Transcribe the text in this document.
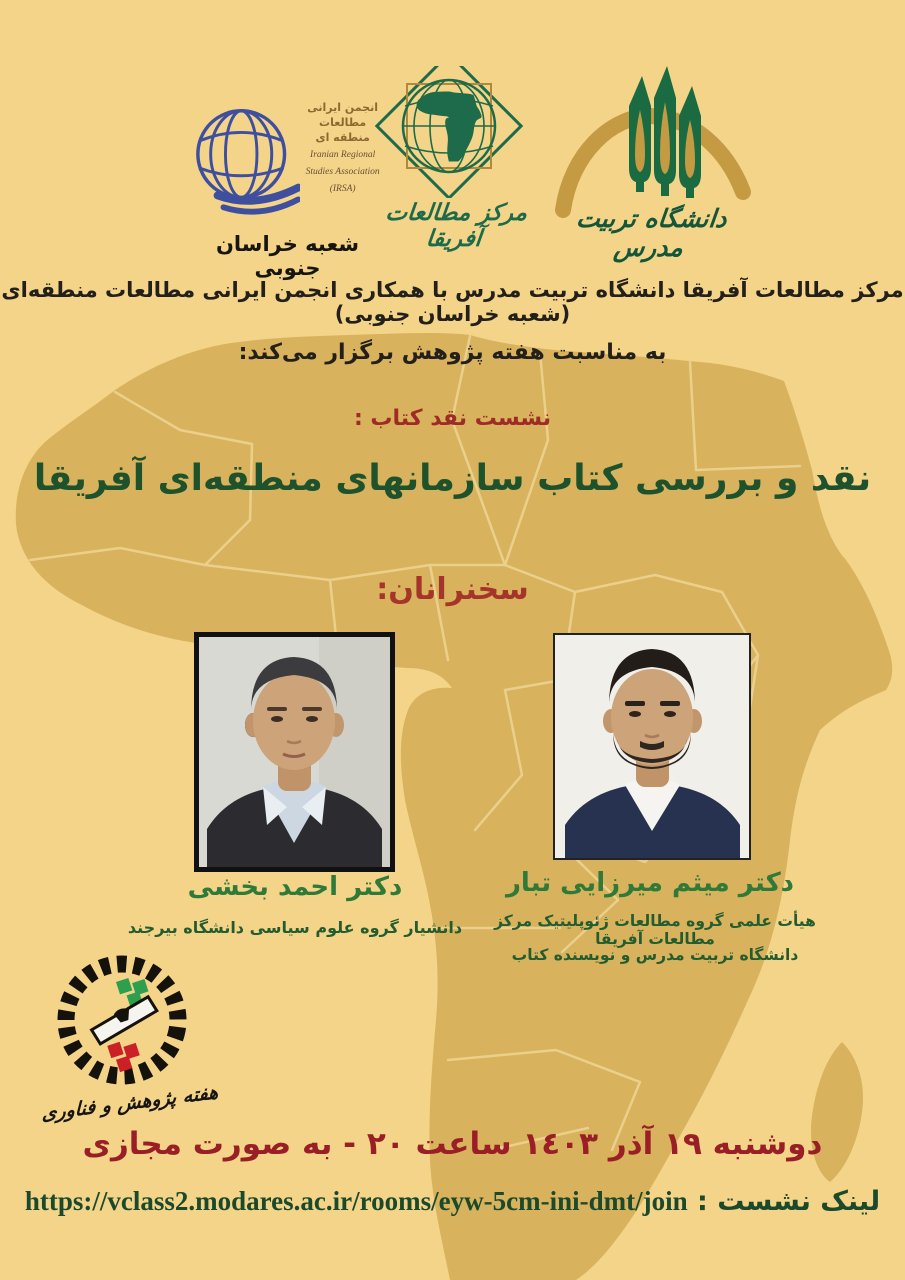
دانشگاه تربیت مدرس
مرکز مطالعات آفریقا
انجمن ایرانی
مطالعات
منطقه ای
Iranian Regional
Studies Association
(IRSA)
شعبه خراسان جنوبی
مرکز مطالعات آفریقا دانشگاه تربیت مدرس با همکاری انجمن ایرانی مطالعات منطقه‌ای (شعبه خراسان جنوبی)
به مناسبت هفته پژوهش برگزار می‌کند:
نشست نقد کتاب :
نقد و بررسی کتاب سازمانهای منطقه‌ای آفریقا
سخنرانان:
دکتر احمد بخشی
دانشیار گروه علوم سیاسی دانشگاه بیرجند
دکتر میثم میرزایی تبار
هیأت علمی گروه مطالعات ژئوپلیتیک مرکز مطالعات آفریقا
دانشگاه تربیت مدرس و نویسنده کتاب
هفته پژوهش و فناوری
دوشنبه ١٩ آذر ١٤٠٣ ساعت ٢٠ - به صورت مجازی
لینک نشست : https://vclass2.modares.ac.ir/rooms/eyw-5cm-ini-dmt/join
